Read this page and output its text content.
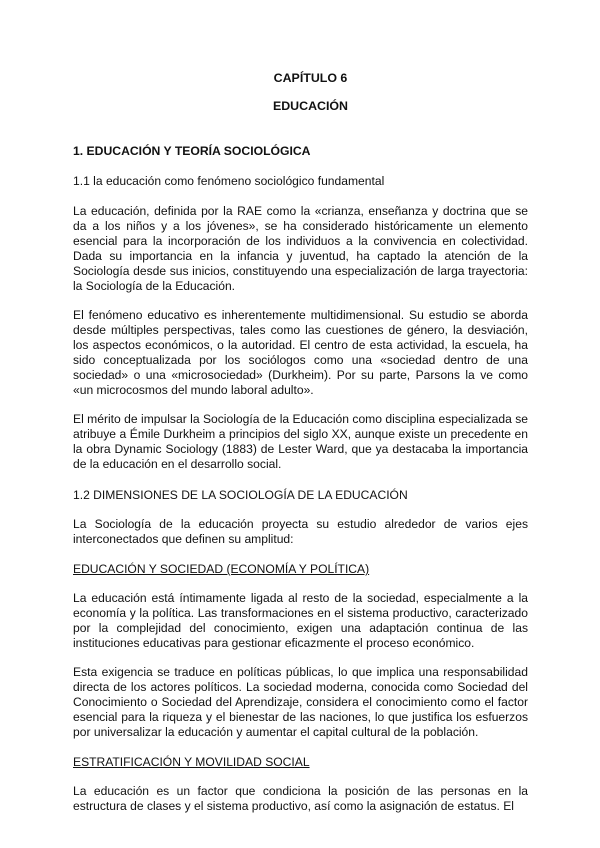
CAPÍTULO 6
EDUCACIÓN
1. EDUCACIÓN Y TEORÍA SOCIOLÓGICA
1.1 la educación como fenómeno sociológico fundamental

La educación, definida por la RAE como la «crianza, enseñanza y doctrina que se da a los niños y a los jóvenes», se ha considerado históricamente un elemento esencial para la incorporación de los individuos a la convivencia en colectividad. Dada su importancia en la infancia y juventud, ha captado la atención de la Sociología desde sus inicios, constituyendo una especialización de larga trayectoria: la Sociología de la Educación.

El fenómeno educativo es inherentemente multidimensional. Su estudio se aborda desde múltiples perspectivas, tales como las cuestiones de género, la desviación, los aspectos económicos, o la autoridad. El centro de esta actividad, la escuela, ha sido conceptualizada por los sociólogos como una «sociedad dentro de una sociedad» o una «microsociedad» (Durkheim). Por su parte, Parsons la ve como «un microcosmos del mundo laboral adulto».

El mérito de impulsar la Sociología de la Educación como disciplina especializada se atribuye a Émile Durkheim a principios del siglo XX, aunque existe un precedente en la obra Dynamic Sociology (1883) de Lester Ward, que ya destacaba la importancia de la educación en el desarrollo social.

1.2 DIMENSIONES DE LA SOCIOLOGÍA DE LA EDUCACIÓN

La Sociología de la educación proyecta su estudio alrededor de varios ejes interconectados que definen su amplitud:

EDUCACIÓN Y SOCIEDAD (ECONOMÍA Y POLÍTICA)

La educación está íntimamente ligada al resto de la sociedad, especialmente a la economía y la política. Las transformaciones en el sistema productivo, caracterizado por la complejidad del conocimiento, exigen una adaptación continua de las instituciones educativas para gestionar eficazmente el proceso económico.

Esta exigencia se traduce en políticas públicas, lo que implica una responsabilidad directa de los actores políticos. La sociedad moderna, conocida como Sociedad del Conocimiento o Sociedad del Aprendizaje, considera el conocimiento como el factor esencial para la riqueza y el bienestar de las naciones, lo que justifica los esfuerzos por universalizar la educación y aumentar el capital cultural de la población.

ESTRATIFICACIÓN Y MOVILIDAD SOCIAL

La educación es un factor que condiciona la posición de las personas en la estructura de clases y el sistema productivo, así como la asignación de estatus. El
